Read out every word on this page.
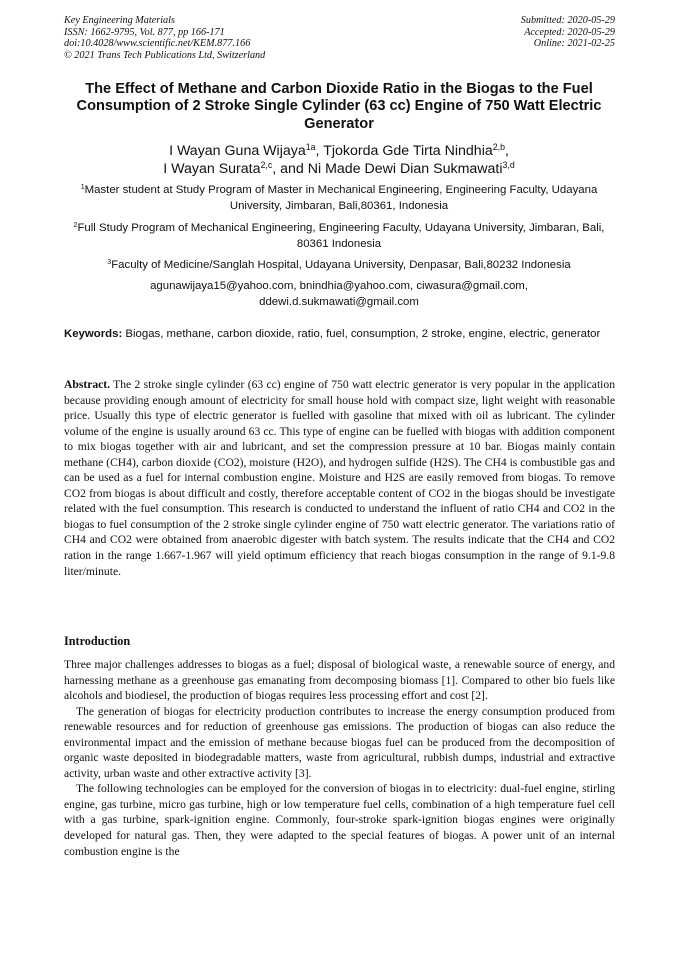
Key Engineering Materials
ISSN: 1662-9795, Vol. 877, pp 166-171
doi:10.4028/www.scientific.net/KEM.877.166
© 2021 Trans Tech Publications Ltd, Switzerland
Submitted: 2020-05-29
Accepted: 2020-05-29
Online: 2021-02-25
The Effect of Methane and Carbon Dioxide Ratio in the Biogas to the Fuel Consumption of 2 Stroke Single Cylinder (63 cc) Engine of 750 Watt Electric Generator
I Wayan Guna Wijaya$^{1a}$, Tjokorda Gde Tirta Nindhia$^{2,b}$,
I Wayan Surata$^{2,c}$, and Ni Made Dewi Dian Sukmawati$^{3,d}$
$^1$Master student at Study Program of Master in Mechanical Engineering, Engineering Faculty, Udayana University, Jimbaran, Bali,80361, Indonesia
$^2$Full Study Program of Mechanical Engineering, Engineering Faculty, Udayana University, Jimbaran, Bali, 80361 Indonesia
$^3$Faculty of Medicine/Sanglah Hospital, Udayana University, Denpasar, Bali,80232 Indonesia
agunawijaya15@yahoo.com, bnindhia@yahoo.com, ciwasura@gmail.com,
ddewi.d.sukmawati@gmail.com
Keywords: Biogas, methane, carbon dioxide, ratio, fuel, consumption, 2 stroke, engine, electric, generator

Abstract. The 2 stroke single cylinder (63 cc) engine of 750 watt electric generator is very popular in the application because providing enough amount of electricity for small house hold with compact size, light weight with reasonable price. Usually this type of electric generator is fuelled with gasoline that mixed with oil as lubricant. The cylinder volume of the engine is usually around 63 cc. This type of engine can be fuelled with biogas with addition component to mix biogas together with air and lubricant, and set the compression pressure at 10 bar. Biogas mainly contain methane (CH4), carbon dioxide (CO2), moisture (H2O), and hydrogen sulfide (H2S). The CH4 is combustible gas and can be used as a fuel for internal combustion engine. Moisture and H2S are easily removed from biogas. To remove CO2 from biogas is about difficult and costly, therefore acceptable content of CO2 in the biogas should be investigate related with the fuel consumption. This research is conducted to understand the influent of ratio CH4 and CO2 in the biogas to fuel consumption of the 2 stroke single cylinder engine of 750 watt electric generator. The variations ratio of CH4 and CO2 were obtained from anaerobic digester with batch system. The results indicate that the CH4 and CO2 ration in the range 1.667-1.967 will yield optimum efficiency that reach biogas consumption in the range of 9.1-9.8 liter/minute.

Introduction

Three major challenges addresses to biogas as a fuel; disposal of biological waste, a renewable source of energy, and harnessing methane as a greenhouse gas emanating from decomposing biomass [1]. Compared to other bio fuels like alcohols and biodiesel, the production of biogas requires less processing effort and cost [2].

The generation of biogas for electricity production contributes to increase the energy consumption produced from renewable resources and for reduction of greenhouse gas emissions. The production of biogas can also reduce the environmental impact and the emission of methane because biogas fuel can be produced from the decomposition of organic waste deposited in biodegradable matters, waste from agricultural, rubbish dumps, industrial and extractive activity, urban waste and other extractive activity [3].

The following technologies can be employed for the conversion of biogas in to electricity: dual-fuel engine, stirling engine, gas turbine, micro gas turbine, high or low temperature fuel cells, combination of a high temperature fuel cell with a gas turbine, spark-ignition engine. Commonly, four-stroke spark-ignition biogas engines were originally developed for natural gas. Then, they were adapted to the special features of biogas. A power unit of an internal combustion engine is the
